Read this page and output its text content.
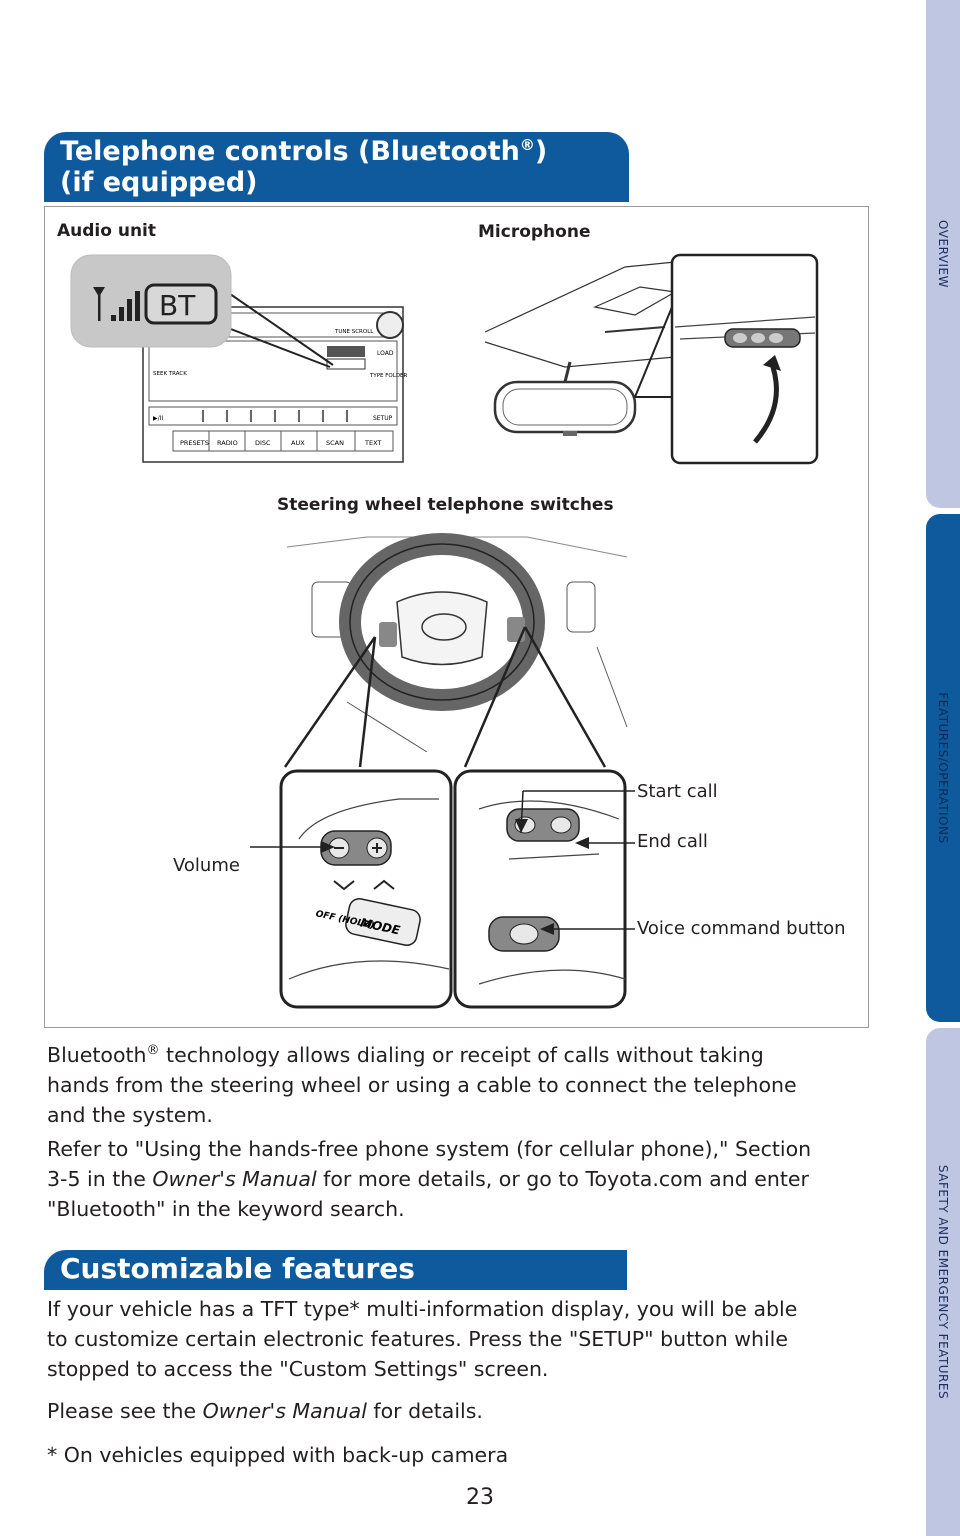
OVERVIEW
FEATURES/OPERATIONS
SAFETY AND EMERGENCY FEATURES
Telephone controls (Bluetooth®)
(if equipped)
Audio unit	Microphone
Steering wheel telephone switches
PRESETS RADIO	DISC	AUX	SCAN	TEXT
TUNE SCROLL
LOAD
SEEK TRACK	TYPE FOLDER
SETUP
▶/II
BT
MODE
OFF (HOLD)
Start call
End call
Volume
Voice command button
Bluetooth® technology allows dialing or receipt of calls without taking
hands from the steering wheel or using a cable to connect the telephone
and the system.
Refer to "Using the hands-free phone system (for cellular phone)," Section
3-5 in the Owner's Manual for more details, or go to Toyota.com and enter
"Bluetooth" in the keyword search.
Customizable features
If your vehicle has a TFT type* multi-information display, you will be able
to customize certain electronic features. Press the "SETUP" button while
stopped to access the "Custom Settings" screen.
Please see the Owner's Manual for details.
* On vehicles equipped with back-up camera
23
